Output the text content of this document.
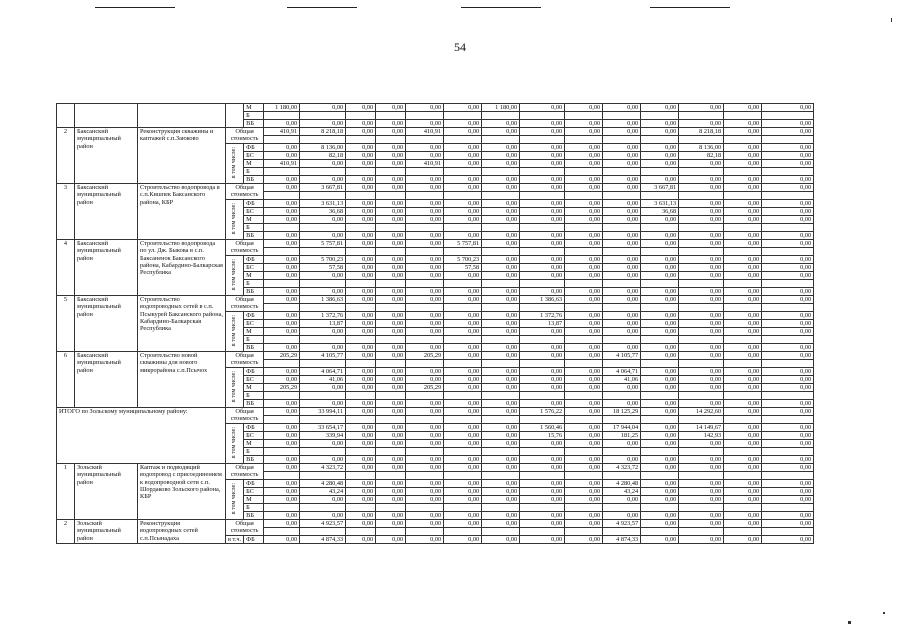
54
				М	1 180,00	0,00	0,00	0,00	0,00	0,00	1 180,00	0,00	0,00	0,00	0,00	0,00	0,00	0,00
				Б														
				ВБ	0,00	0,00	0,00	0,00	0,00	0,00	0,00	0,00	0,00	0,00	0,00	0,00	0,00	0,00
2	Баксанский муниципальный район	Реконструкция скважины и каптажей с.п.Заюково	Общая стоимость		410,91	8 218,18	0,00	0,00	410,91	0,00	0,00	0,00	0,00	0,00	0,00	8 218,18	0,00	0,00

			в том числе:	ФБ	0,00	8 136,00	0,00	0,00	0,00	0,00	0,00	0,00	0,00	0,00	0,00	8 136,00	0,00	0,00
				БС	0,00	82,18	0,00	0,00	0,00	0,00	0,00	0,00	0,00	0,00	0,00	82,18	0,00	0,00
				М	410,91	0,00	0,00	0,00	410,91	0,00	0,00	0,00	0,00	0,00	0,00	0,00	0,00	0,00
				Б														
				ВБ	0,00	0,00	0,00	0,00	0,00	0,00	0,00	0,00	0,00	0,00	0,00	0,00	0,00	0,00
3	Баксанский муниципальный район	Строительство водопровода в с.п.Кишпек Баксанского района, КБР	Общая стоимость		0,00	3 667,81	0,00	0,00	0,00	0,00	0,00	0,00	0,00	0,00	3 667,81	0,00	0,00	0,00

			в том числе:	ФБ	0,00	3 631,13	0,00	0,00	0,00	0,00	0,00	0,00	0,00	0,00	3 631,13	0,00	0,00	0,00
				БС	0,00	36,68	0,00	0,00	0,00	0,00	0,00	0,00	0,00	0,00	36,68	0,00	0,00	0,00
				М	0,00	0,00	0,00	0,00	0,00	0,00	0,00	0,00	0,00	0,00	0,00	0,00	0,00	0,00
				Б														
				ВБ	0,00	0,00	0,00	0,00	0,00	0,00	0,00	0,00	0,00	0,00	0,00	0,00	0,00	0,00
4	Баксанский муниципальный район	Строительство водопровода по ул. Дж. Быкова в с.п. Баксаненок Баксанского района, Кабардино-Балкарская Республика	Общая стоимость		0,00	5 757,81	0,00	0,00	0,00	5 757,81	0,00	0,00	0,00	0,00	0,00	0,00	0,00	0,00

			в том числе:	ФБ	0,00	5 700,23	0,00	0,00	0,00	5 700,23	0,00	0,00	0,00	0,00	0,00	0,00	0,00	0,00
				БС	0,00	57,58	0,00	0,00	0,00	57,58	0,00	0,00	0,00	0,00	0,00	0,00	0,00	0,00
				М	0,00	0,00	0,00	0,00	0,00	0,00	0,00	0,00	0,00	0,00	0,00	0,00	0,00	0,00
				Б														
				ВБ	0,00	0,00	0,00	0,00	0,00	0,00	0,00	0,00	0,00	0,00	0,00	0,00	0,00	0,00
5	Баксанский муниципальный район	Строительство водопроводных сетей в с.п. Псыкурей Баксанского района, Кабардино-Балкарская Республика	Общая стоимость		0,00	1 386,63	0,00	0,00	0,00	0,00	0,00	1 386,63	0,00	0,00	0,00	0,00	0,00	0,00

			в том числе:	ФБ	0,00	1 372,76	0,00	0,00	0,00	0,00	0,00	1 372,76	0,00	0,00	0,00	0,00	0,00	0,00
				БС	0,00	13,87	0,00	0,00	0,00	0,00	0,00	13,87	0,00	0,00	0,00	0,00	0,00	0,00
				М	0,00	0,00	0,00	0,00	0,00	0,00	0,00	0,00	0,00	0,00	0,00	0,00	0,00	0,00
				Б														
				ВБ	0,00	0,00	0,00	0,00	0,00	0,00	0,00	0,00	0,00	0,00	0,00	0,00	0,00	0,00
6	Баксанский муниципальный район	Строительство новой скважины для нового микрорайона с.п.Псычох	Общая стоимость		205,29	4 105,77	0,00	0,00	205,29	0,00	0,00	0,00	0,00	4 105,77	0,00	0,00	0,00	0,00

			в том числе:	ФБ	0,00	4 064,71	0,00	0,00	0,00	0,00	0,00	0,00	0,00	4 064,71	0,00	0,00	0,00	0,00
				БС	0,00	41,06	0,00	0,00	0,00	0,00	0,00	0,00	0,00	41,06	0,00	0,00	0,00	0,00
				М	205,29	0,00	0,00	0,00	205,29	0,00	0,00	0,00	0,00	0,00	0,00	0,00	0,00	0,00
				Б														
				ВБ	0,00	0,00	0,00	0,00	0,00	0,00	0,00	0,00	0,00	0,00	0,00	0,00	0,00	0,00
ИТОГО по Зольскому муниципальному району:			Общая стоимость		0,00	33 994,11	0,00	0,00	0,00	0,00	0,00	1 576,22	0,00	18 125,29	0,00	14 292,60	0,00	0,00

			в том числе:	ФБ	0,00	33 654,17	0,00	0,00	0,00	0,00	0,00	1 560,46	0,00	17 944,04	0,00	14 149,67	0,00	0,00
				БС	0,00	339,94	0,00	0,00	0,00	0,00	0,00	15,76	0,00	181,25	0,00	142,93	0,00	0,00
				М	0,00	0,00	0,00	0,00	0,00	0,00	0,00	0,00	0,00	0,00	0,00	0,00	0,00	0,00
				Б														
				ВБ	0,00	0,00	0,00	0,00	0,00	0,00	0,00	0,00	0,00	0,00	0,00	0,00	0,00	0,00
1	Зольский муниципальный район	Каптаж и подводящий водопровод с присоединением к водопроводной сети с.п. Шордаково Зольского района, КБР	Общая стоимость		0,00	4 323,72	0,00	0,00	0,00	0,00	0,00	0,00	0,00	4 323,72	0,00	0,00	0,00	0,00

			в том числе:	ФБ	0,00	4 280,48	0,00	0,00	0,00	0,00	0,00	0,00	0,00	4 280,48	0,00	0,00	0,00	0,00
				БС	0,00	43,24	0,00	0,00	0,00	0,00	0,00	0,00	0,00	43,24	0,00	0,00	0,00	0,00
				М	0,00	0,00	0,00	0,00	0,00	0,00	0,00	0,00	0,00	0,00	0,00	0,00	0,00	0,00
				Б														
				ВБ	0,00	0,00	0,00	0,00	0,00	0,00	0,00	0,00	0,00	0,00	0,00	0,00	0,00	0,00
2	Зольский муниципальный район	Реконструкция водопроводных сетей с.п.Псынадаха	Общая стоимость		0,00	4 923,57	0,00	0,00	0,00	0,00	0,00	0,00	0,00	4 923,57	0,00	0,00	0,00	0,00

			в т.ч.	ФБ	0,00	4 874,33	0,00	0,00	0,00	0,00	0,00	0,00	0,00	4 874,33	0,00	0,00	0,00	0,00
